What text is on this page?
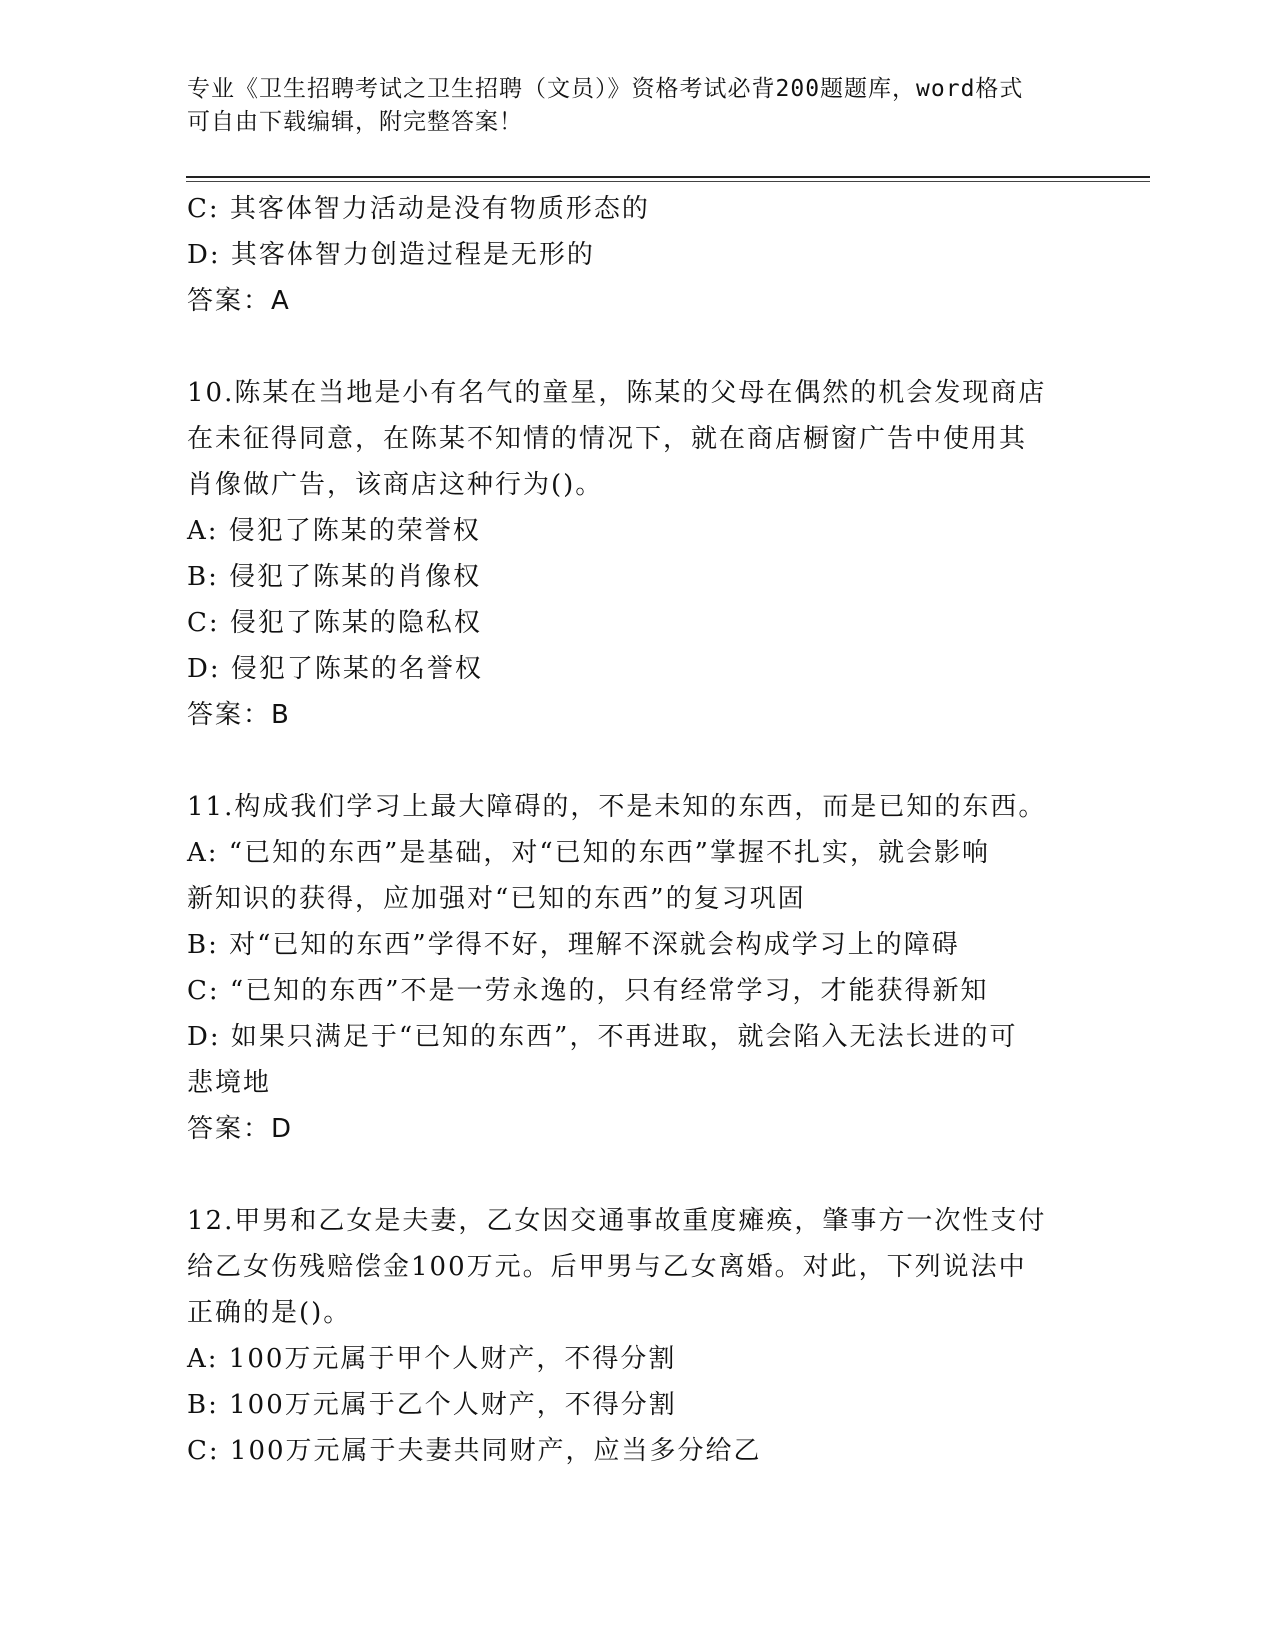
专业《卫生招聘考试之卫生招聘（文员）》资格考试必背200题题库，word格式
可自由下载编辑，附完整答案！
C: 其客体智力活动是没有物质形态的
D: 其客体智力创造过程是无形的
答案：A
10.陈某在当地是小有名气的童星，陈某的父母在偶然的机会发现商店
在未征得同意，在陈某不知情的情况下，就在商店橱窗广告中使用其
肖像做广告，该商店这种行为()。
A: 侵犯了陈某的荣誉权
B: 侵犯了陈某的肖像权
C: 侵犯了陈某的隐私权
D: 侵犯了陈某的名誉权
答案：B
11.构成我们学习上最大障碍的，不是未知的东西，而是已知的东西。
A: “已知的东西”是基础，对“已知的东西”掌握不扎实，就会影响
新知识的获得，应加强对“已知的东西”的复习巩固
B: 对“已知的东西”学得不好，理解不深就会构成学习上的障碍
C: “已知的东西”不是一劳永逸的，只有经常学习，才能获得新知
D: 如果只满足于“已知的东西”，不再进取，就会陷入无法长进的可
悲境地
答案：D
12.甲男和乙女是夫妻，乙女因交通事故重度瘫痪，肇事方一次性支付
给乙女伤残赔偿金100万元。后甲男与乙女离婚。对此，下列说法中
正确的是()。
A: 100万元属于甲个人财产，不得分割
B: 100万元属于乙个人财产，不得分割
C: 100万元属于夫妻共同财产，应当多分给乙
